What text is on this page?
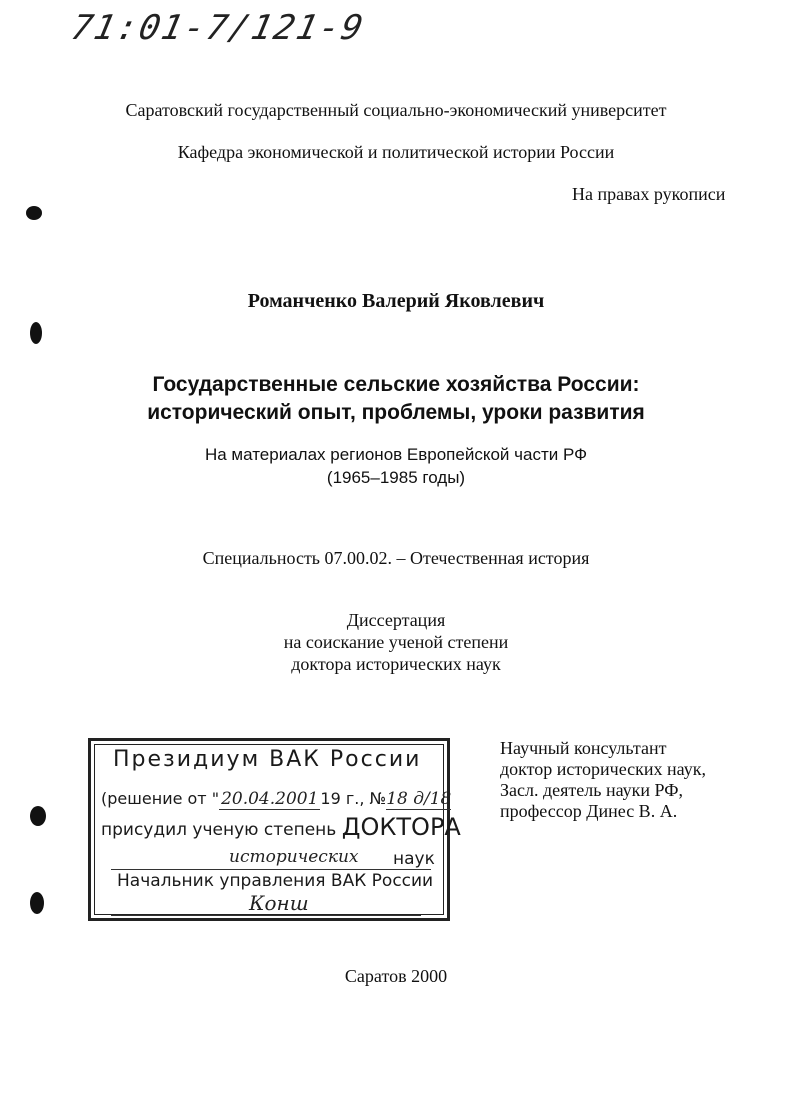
71:01-7/121-9
Саратовский государственный социально-экономический университет
Кафедра экономической и политической истории России
На правах рукописи
Романченко Валерий Яковлевич
Государственные сельские хозяйства России:
исторический опыт, проблемы, уроки развития
На материалах регионов Европейской части РФ
(1965–1985 годы)
Специальность 07.00.02. – Отечественная история
Диссертация
на соискание ученой степени
доктора исторических наук
Президиум ВАК России
(решение от " 20.04.2001 19 г., №18 д/18
присудил ученую степень ДОКТОРА
исторических наук
Начальник управления ВАК России
Конш
Научный консультант
доктор исторических наук,
Засл. деятель науки РФ,
профессор Динес В. А.
Саратов 2000
